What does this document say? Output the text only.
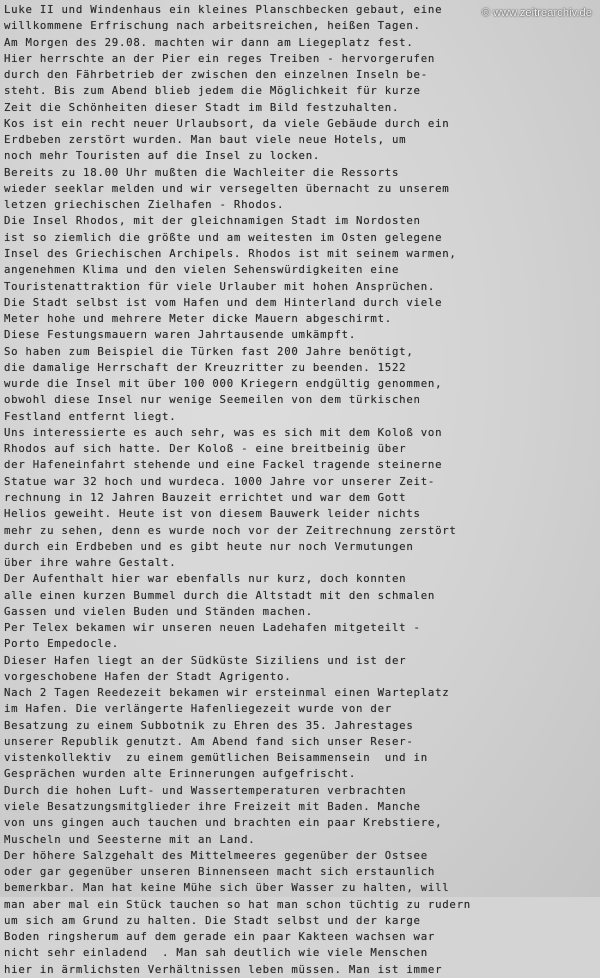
© www.zeitrearchiv.de
Luke II und Windenhaus ein kleines Planschbecken gebaut, eine
willkommene Erfrischung nach arbeitsreichen, heißen Tagen.
Am Morgen des 29.08. machten wir dann am Liegeplatz fest.
Hier herrschte an der Pier ein reges Treiben - hervorgerufen
durch den Fährbetrieb der zwischen den einzelnen Inseln be-
steht. Bis zum Abend blieb jedem die Möglichkeit für kurze
Zeit die Schönheiten dieser Stadt im Bild festzuhalten.
Kos ist ein recht neuer Urlaubsort, da viele Gebäude durch ein
Erdbeben zerstört wurden. Man baut viele neue Hotels, um
noch mehr Touristen auf die Insel zu locken.
Bereits zu 18.00 Uhr mußten die Wachleiter die Ressorts
wieder seeklar melden und wir versegelten übernacht zu unserem
letzen griechischen Zielhafen - Rhodos.
Die Insel Rhodos, mit der gleichnamigen Stadt im Nordosten
ist so ziemlich die größte und am weitesten im Osten gelegene
Insel des Griechischen Archipels. Rhodos ist mit seinem warmen,
angenehmen Klima und den vielen Sehenswürdigkeiten eine
Touristenattraktion für viele Urlauber mit hohen Ansprüchen.
Die Stadt selbst ist vom Hafen und dem Hinterland durch viele
Meter hohe und mehrere Meter dicke Mauern abgeschirmt.
Diese Festungsmauern waren Jahrtausende umkämpft.
So haben zum Beispiel die Türken fast 200 Jahre benötigt,
die damalige Herrschaft der Kreuzritter zu beenden. 1522
wurde die Insel mit über 100 000 Kriegern endgültig genommen,
obwohl diese Insel nur wenige Seemeilen von dem türkischen
Festland entfernt liegt.
Uns interessierte es auch sehr, was es sich mit dem Koloß von
Rhodos auf sich hatte. Der Koloß - eine breitbeinig über
der Hafeneinfahrt stehende und eine Fackel tragende steinerne
Statue war 32 hoch und wurdeca. 1000 Jahre vor unserer Zeit-
rechnung in 12 Jahren Bauzeit errichtet und war dem Gott
Helios geweiht. Heute ist von diesem Bauwerk leider nichts
mehr zu sehen, denn es wurde noch vor der Zeitrechnung zerstört
durch ein Erdbeben und es gibt heute nur noch Vermutungen
über ihre wahre Gestalt.
Der Aufenthalt hier war ebenfalls nur kurz, doch konnten
alle einen kurzen Bummel durch die Altstadt mit den schmalen
Gassen und vielen Buden und Ständen machen.
Per Telex bekamen wir unseren neuen Ladehafen mitgeteilt -
Porto Empedocle.
Dieser Hafen liegt an der Südküste Siziliens und ist der
vorgeschobene Hafen der Stadt Agrigento.
Nach 2 Tagen Reedezeit bekamen wir ersteinmal einen Warteplatz
im Hafen. Die verlängerte Hafenliegezeit wurde von der
Besatzung zu einem Subbotnik zu Ehren des 35. Jahrestages
unserer Republik genutzt. Am Abend fand sich unser Reser-
vistenkollektiv  zu einem gemütlichen Beisammensein  und in
Gesprächen wurden alte Erinnerungen aufgefrischt.
Durch die hohen Luft- und Wassertemperaturen verbrachten
viele Besatzungsmitglieder ihre Freizeit mit Baden. Manche
von uns gingen auch tauchen und brachten ein paar Krebstiere,
Muscheln und Seesterne mit an Land.
Der höhere Salzgehalt des Mittelmeeres gegenüber der Ostsee
oder gar gegenüber unseren Binnenseen macht sich erstaunlich
bemerkbar. Man hat keine Mühe sich über Wasser zu halten, will
man aber mal ein Stück tauchen so hat man schon tüchtig zu rudern
um sich am Grund zu halten. Die Stadt selbst und der karge
Boden ringsherum auf dem gerade ein paar Kakteen wachsen war
nicht sehr einladend  . Man sah deutlich wie viele Menschen
hier in ärmlichsten Verhältnissen leben müssen. Man ist immer
